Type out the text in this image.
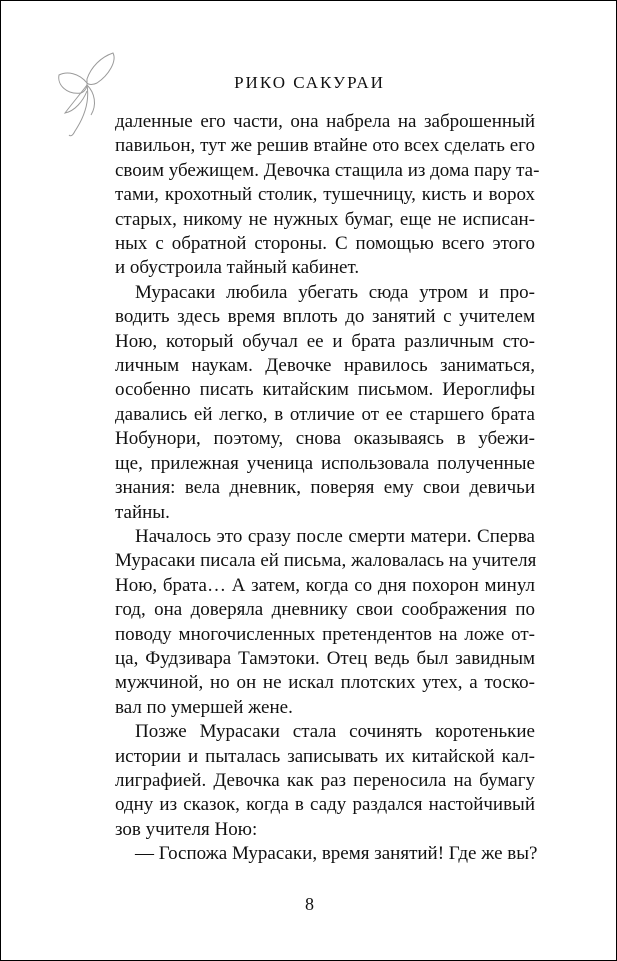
РИКО САКУРАИ
даленные его части, она набрела на заброшенный
павильон, тут же решив втайне ото всех сделать его
своим убежищем. Девочка стащила из дома пару та-
тами, крохотный столик, тушечницу, кисть и ворох
старых, никому не нужных бумаг, еще не исписан-
ных с обратной стороны. С помощью всего этого
и обустроила тайный кабинет.
Мурасаки любила убегать сюда утром и про-
водить здесь время вплоть до занятий с учителем
Ною, который обучал ее и брата различным сто-
личным наукам. Девочке нравилось заниматься,
особенно писать китайским письмом. Иероглифы
давались ей легко, в отличие от ее старшего брата
Нобунори, поэтому, снова оказываясь в убежи-
ще, прилежная ученица использовала полученные
знания: вела дневник, поверяя ему свои девичьи
тайны.
Началось это сразу после смерти матери. Сперва
Мурасаки писала ей письма, жаловалась на учителя
Ною, брата… А затем, когда со дня похорон минул
год, она доверяла дневнику свои соображения по
поводу многочисленных претендентов на ложе от-
ца, Фудзивара Тамэтоки. Отец ведь был завидным
мужчиной, но он не искал плотских утех, а тоско-
вал по умершей жене.
Позже Мурасаки стала сочинять коротенькие
истории и пыталась записывать их китайской кал-
лиграфией. Девочка как раз переносила на бумагу
одну из сказок, когда в саду раздался настойчивый
зов учителя Ною:
— Госпожа Мурасаки, время занятий! Где же вы?
8
